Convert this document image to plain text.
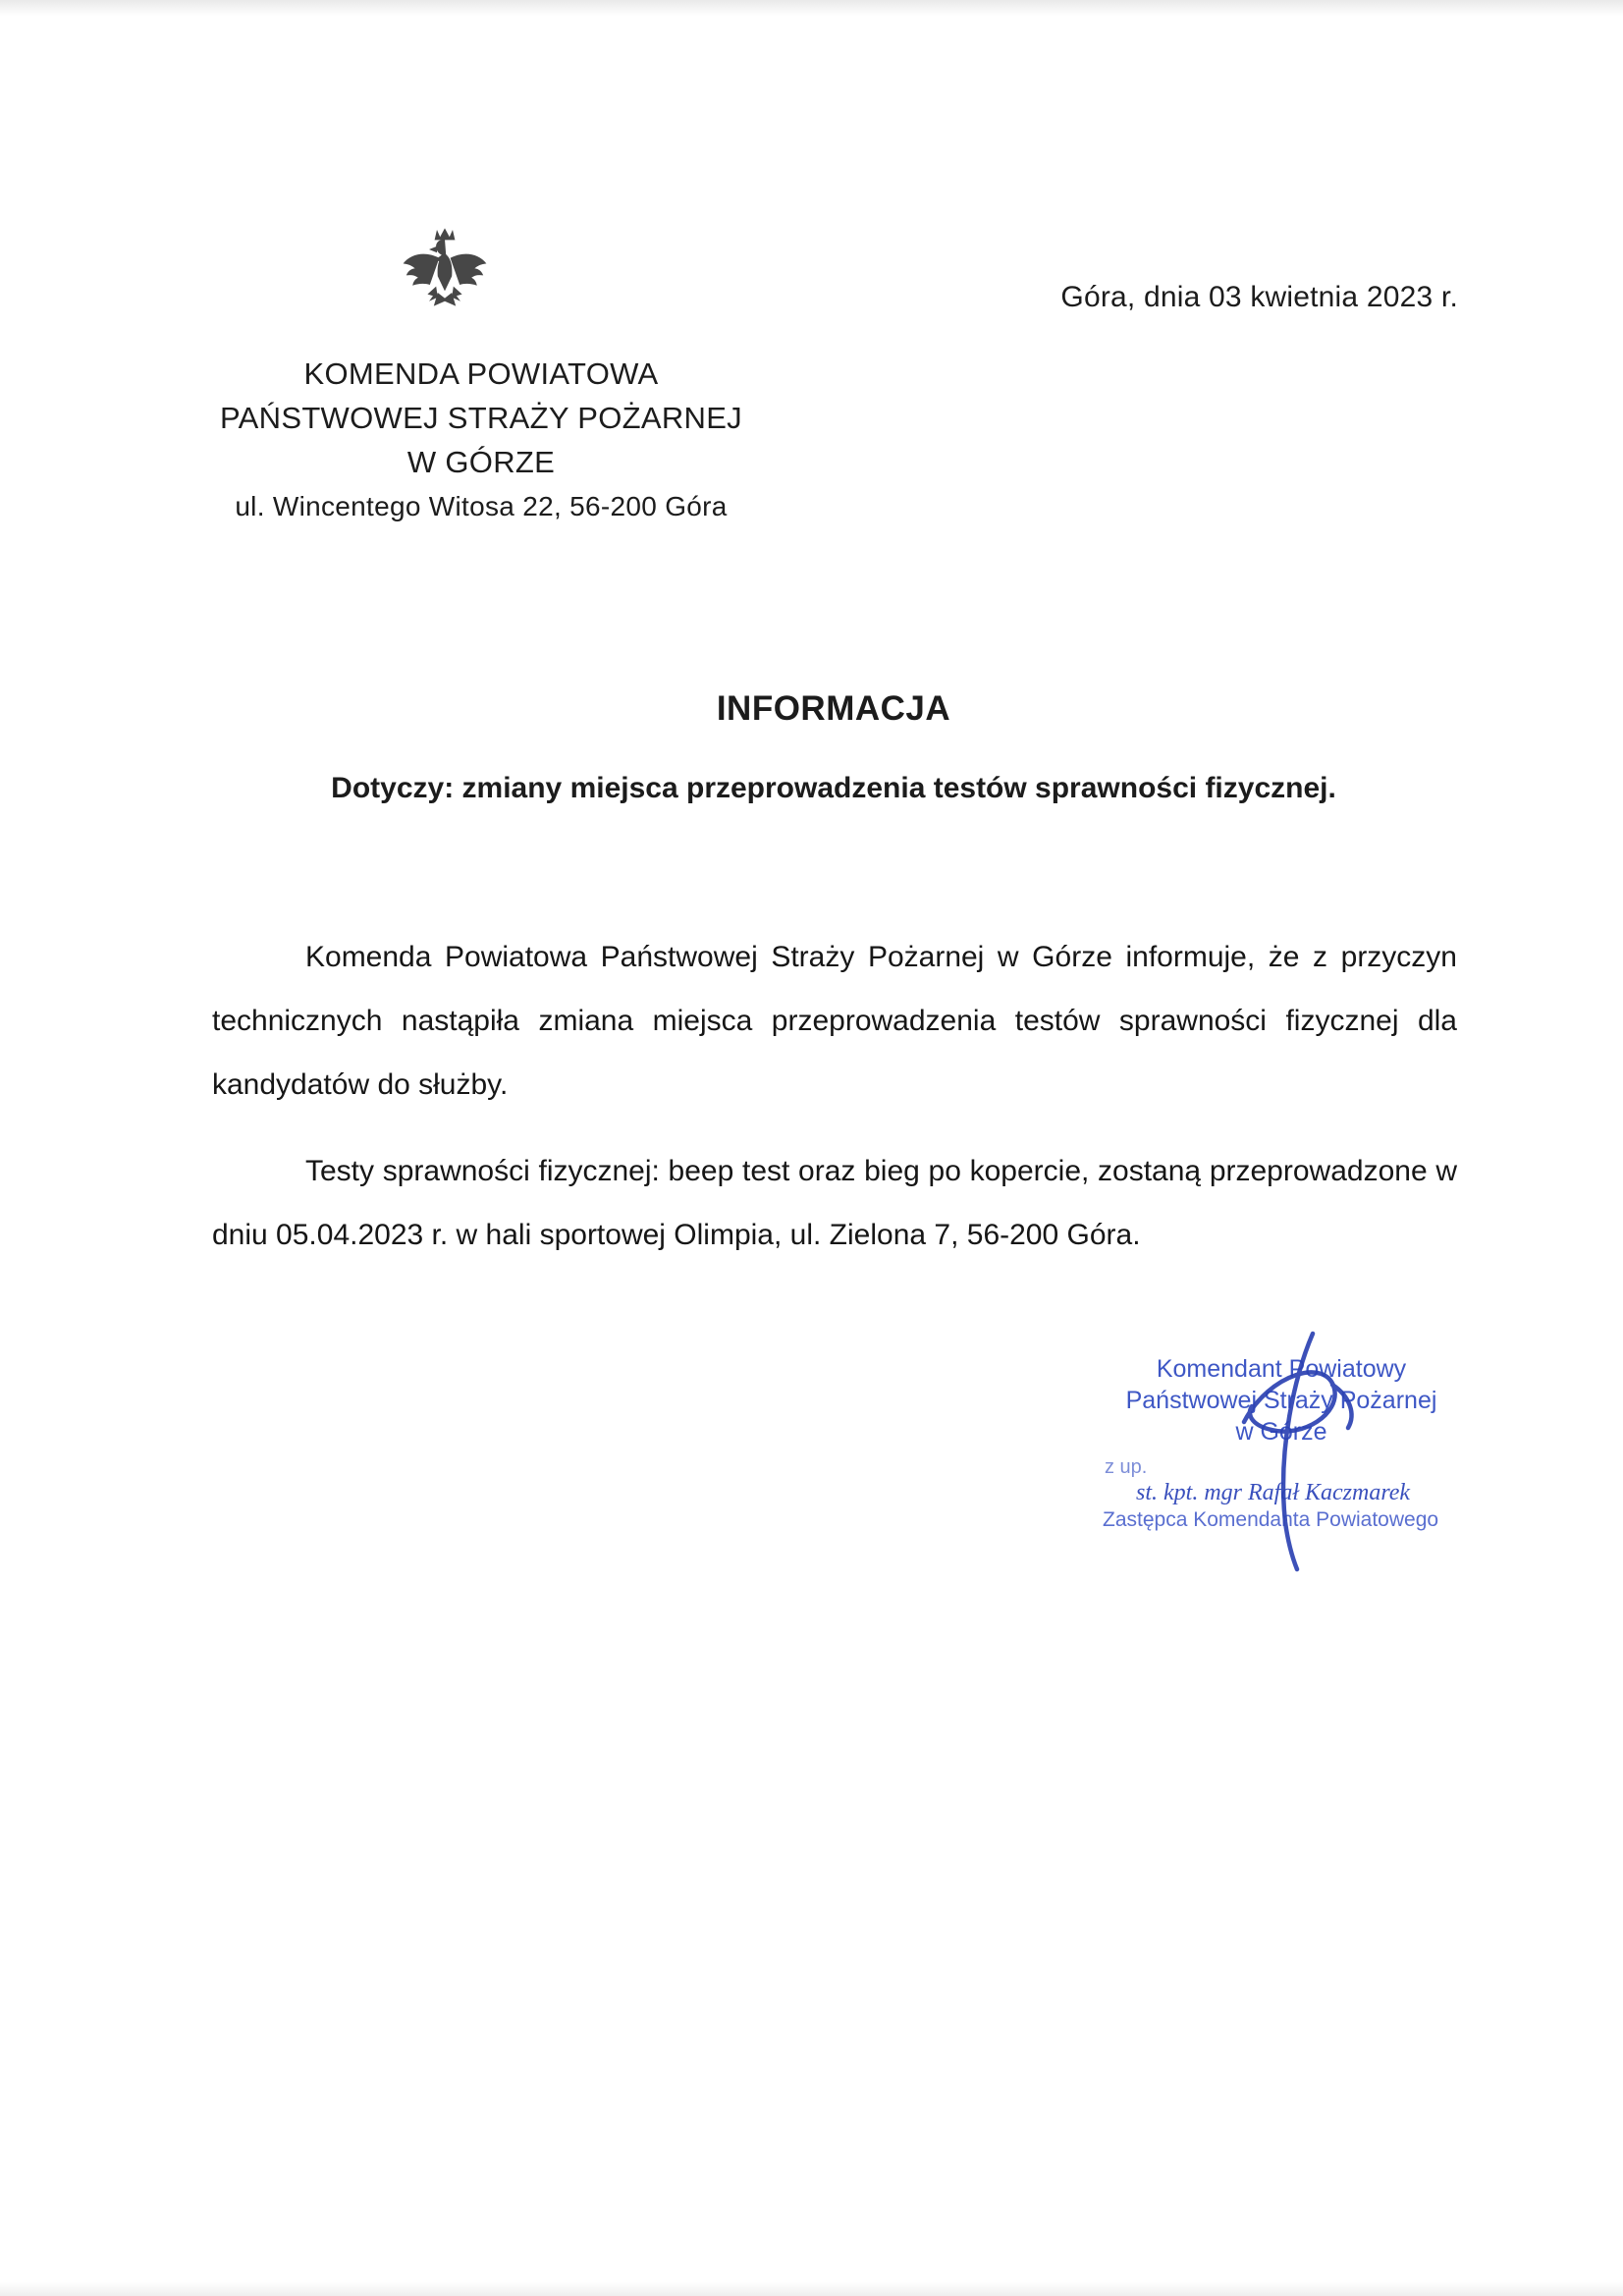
Góra, dnia 03 kwietnia 2023 r.
KOMENDA POWIATOWA
PAŃSTWOWEJ STRAŻY POŻARNEJ
W GÓRZE
ul. Wincentego Witosa 22, 56-200 Góra
INFORMACJA
Dotyczy: zmiany miejsca przeprowadzenia testów sprawności fizycznej.

Komenda Powiatowa Państwowej Straży Pożarnej w Górze informuje, że z przyczyn technicznych nastąpiła zmiana miejsca przeprowadzenia testów sprawności fizycznej dla kandydatów do służby.

Testy sprawności fizycznej: beep test oraz bieg po kopercie, zostaną przeprowadzone w dniu 05.04.2023 r. w hali sportowej Olimpia, ul. Zielona 7, 56-200 Góra.

Komendant Powiatowy
Państwowej Straży Pożarnej
w Górze
z up.
st. kpt. mgr Rafał Kaczmarek
Zastępca Komendanta Powiatowego
